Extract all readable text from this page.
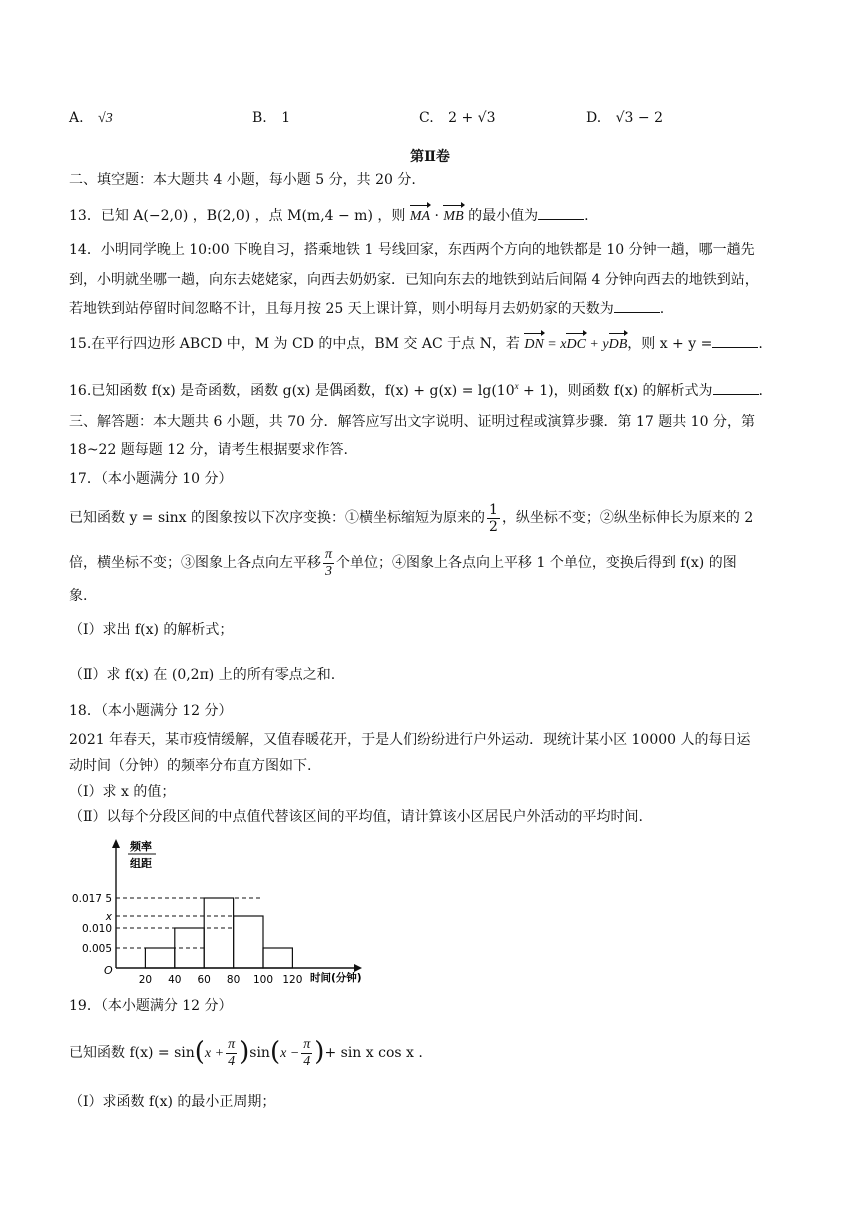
A. √3	B. 1	C. 2 + √3	D. √3 − 2
第Ⅱ卷
二、填空题：本大题共 4 小题，每小题 5 分，共 20 分.
13．已知 A(−2,0) ，B(2,0) ，点 M(m,4 − m) ，则 MA · MB 的最小值为	.
14．小明同学晚上 10:00 下晚自习，搭乘地铁 1 号线回家，东西两个方向的地铁都是 10 分钟一趟，哪一趟先
到，小明就坐哪一趟，向东去姥姥家，向西去奶奶家．已知向东去的地铁到站后间隔 4 分钟向西去的地铁到站，
若地铁到站停留时间忽略不计，且每月按 25 天上课计算，则小明每月去奶奶家的天数为	.
15.在平行四边形 ABCD 中，M 为 CD 的中点，BM 交 AC 于点 N，若 DN = xDC + yDB，则 x + y =	.
16.已知函数 f(x) 是奇函数，函数 g(x) 是偶函数，$f(x) + g(x) = \lg(10^x + 1)$，则函数 f(x) 的解析式为	.
三、解答题：本大题共 6 小题，共 70 分．解答应写出文字说明、证明过程或演算步骤．第 17 题共 10 分，第
18~22 题每题 12 分，请考生根据要求作答.
17．（本小题满分 10 分）
已知函数 y = sinx 的图象按以下次序变换：①横坐标缩短为原来的 $\frac{1}{2}$ ，纵坐标不变；②纵坐标伸长为原来的 2
倍，横坐标不变；③图象上各点向左平移 $\frac{\pi}{3}$ 个单位；④图象上各点向上平移 1 个单位，变换后得到 f(x) 的图
象.
（Ⅰ）求出 f(x) 的解析式；
（Ⅱ）求 f(x) 在 (0,2π) 上的所有零点之和.
18．（本小题满分 12 分）
2021 年春天，某市疫情缓解，又值春暖花开，于是人们纷纷进行户外运动．现统计某小区 10000 人的每日运
动时间（分钟）的频率分布直方图如下.
（Ⅰ）求 x 的值；
（Ⅱ）以每个分段区间的中点值代替该区间的平均值，请计算该小区居民户外活动的平均时间.
频率
组距
O
20 40 60 80 100 120 时间(分钟)
0.017 5
x
0.010
0.005
19．（本小题满分 12 分）
已知函数 $f(x) = \sin(x + \frac{\pi}{4} )\sin(x - \frac{\pi}{4}$ )+ sin x cos x .
（Ⅰ）求函数 f(x) 的最小正周期；
